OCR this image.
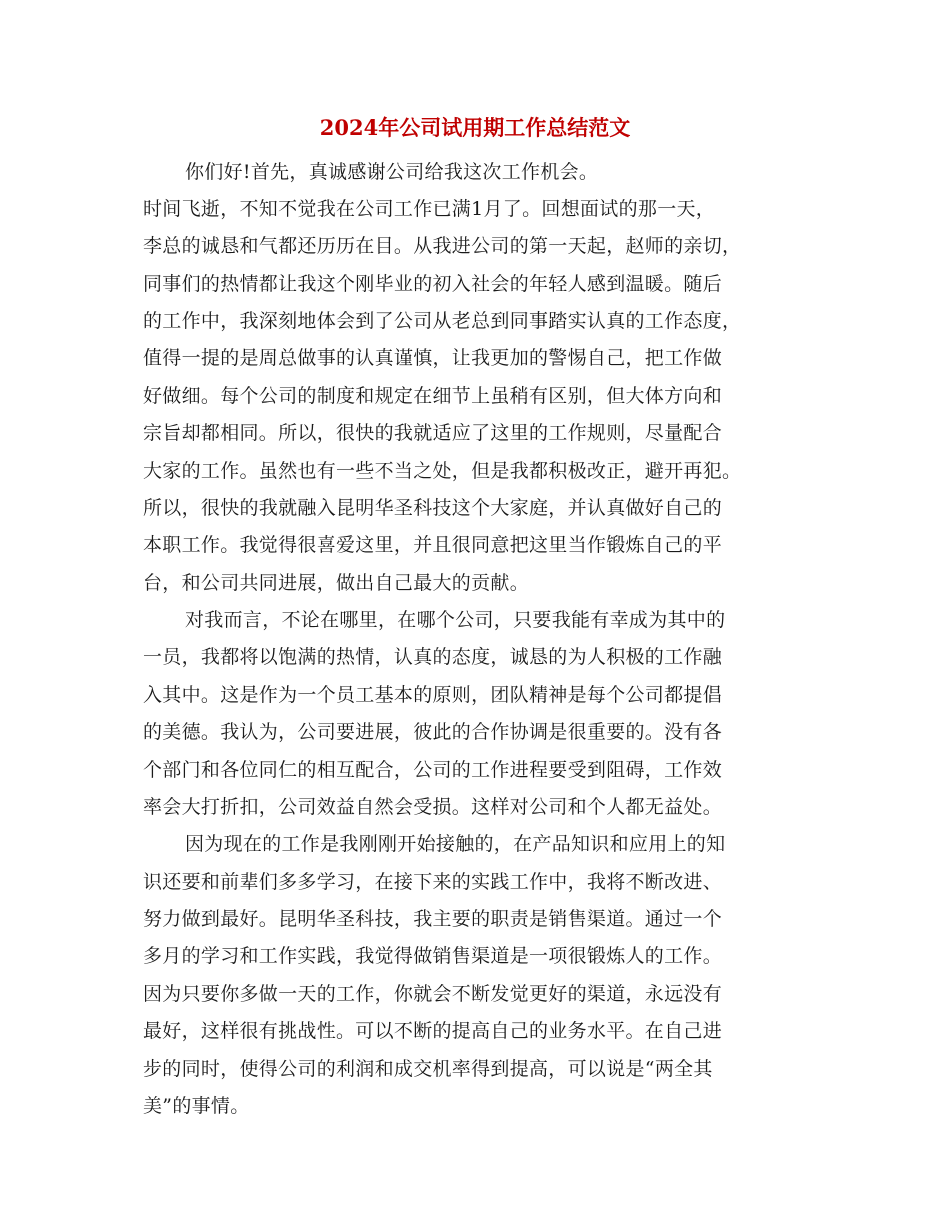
2024年公司试用期工作总结范文
你们好!首先，真诚感谢公司给我这次工作机会。
时间飞逝，不知不觉我在公司工作已满1月了。回想面试的那一天，
李总的诚恳和气都还历历在目。从我进公司的第一天起，赵师的亲切，
同事们的热情都让我这个刚毕业的初入社会的年轻人感到温暖。随后
的工作中，我深刻地体会到了公司从老总到同事踏实认真的工作态度，
值得一提的是周总做事的认真谨慎，让我更加的警惕自己，把工作做
好做细。每个公司的制度和规定在细节上虽稍有区别，但大体方向和
宗旨却都相同。所以，很快的我就适应了这里的工作规则，尽量配合
大家的工作。虽然也有一些不当之处，但是我都积极改正，避开再犯。
所以，很快的我就融入昆明华圣科技这个大家庭，并认真做好自己的
本职工作。我觉得很喜爱这里，并且很同意把这里当作锻炼自己的平
台，和公司共同进展，做出自己最大的贡献。
对我而言，不论在哪里，在哪个公司，只要我能有幸成为其中的
一员，我都将以饱满的热情，认真的态度，诚恳的为人积极的工作融
入其中。这是作为一个员工基本的原则，团队精神是每个公司都提倡
的美德。我认为，公司要进展，彼此的合作协调是很重要的。没有各
个部门和各位同仁的相互配合，公司的工作进程要受到阻碍，工作效
率会大打折扣，公司效益自然会受损。这样对公司和个人都无益处。
因为现在的工作是我刚刚开始接触的，在产品知识和应用上的知
识还要和前辈们多多学习，在接下来的实践工作中，我将不断改进、
努力做到最好。昆明华圣科技，我主要的职责是销售渠道。通过一个
多月的学习和工作实践，我觉得做销售渠道是一项很锻炼人的工作。
因为只要你多做一天的工作，你就会不断发觉更好的渠道，永远没有
最好，这样很有挑战性。可以不断的提高自己的业务水平。在自己进
步的同时，使得公司的利润和成交机率得到提高，可以说是“两全其
美”的事情。
